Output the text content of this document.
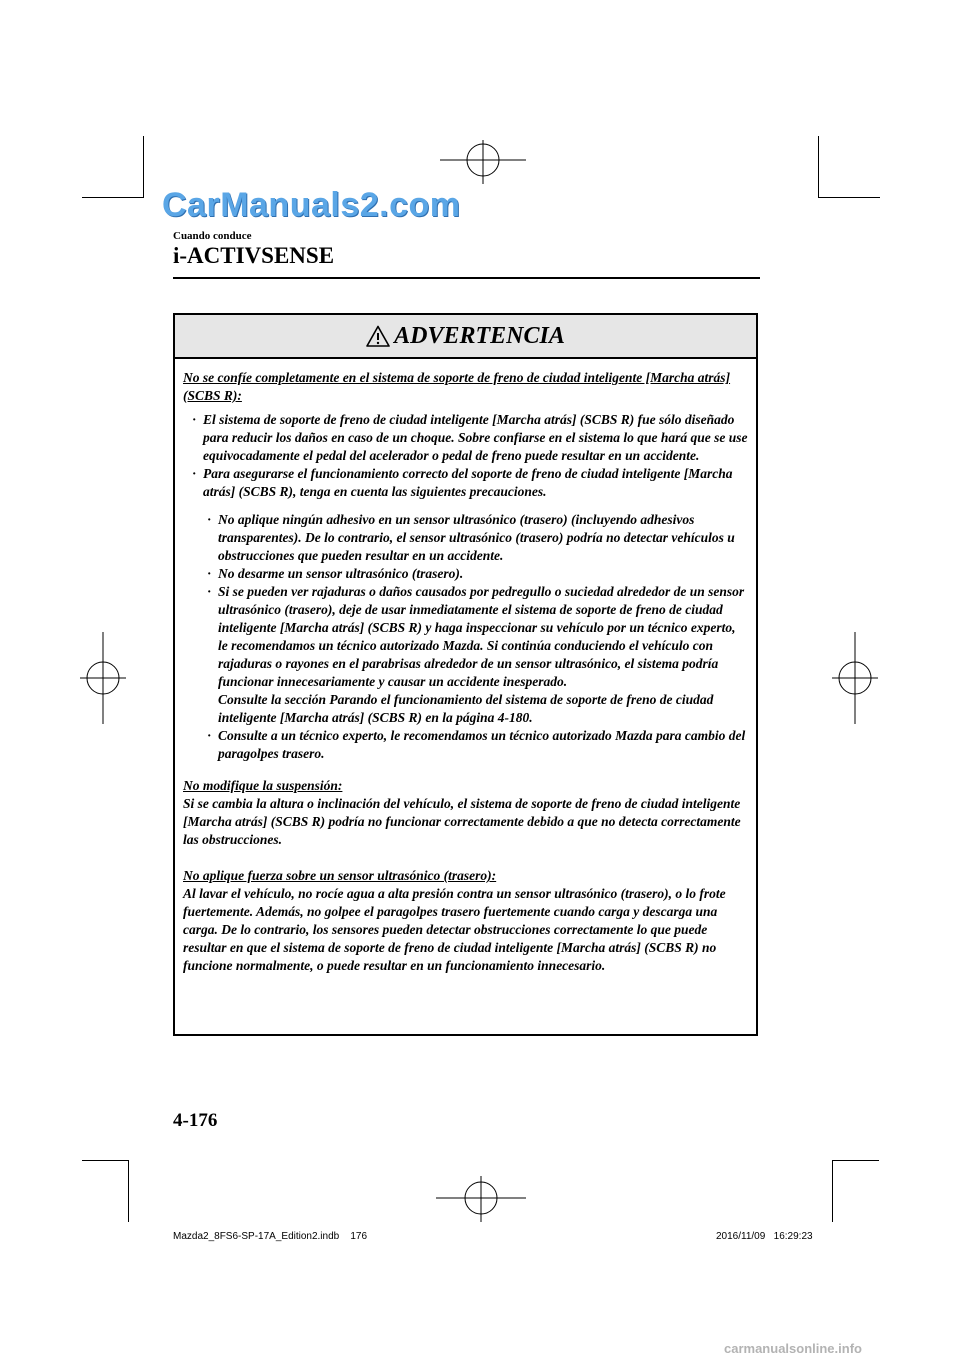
CarManuals2.com
Cuando conduce
i-ACTIVSENSE
ADVERTENCIA

No se confíe completamente en el sistema de soporte de freno de ciudad inteligente [Marcha atrás] (SCBS R):

· El sistema de soporte de freno de ciudad inteligente [Marcha atrás] (SCBS R) fue sólo diseñado para reducir los daños en caso de un choque. Sobre confiarse en el sistema lo que hará que se use equivocadamente el pedal del acelerador o pedal de freno puede resultar en un accidente.
· Para asegurarse el funcionamiento correcto del soporte de freno de ciudad inteligente [Marcha atrás] (SCBS R), tenga en cuenta las siguientes precauciones.
· No aplique ningún adhesivo en un sensor ultrasónico (trasero) (incluyendo adhesivos transparentes). De lo contrario, el sensor ultrasónico (trasero) podría no detectar vehículos u obstrucciones que pueden resultar en un accidente.
· No desarme un sensor ultrasónico (trasero).
· Si se pueden ver rajaduras o daños causados por pedregullo o suciedad alrededor de un sensor ultrasónico (trasero), deje de usar inmediatamente el sistema de soporte de freno de ciudad inteligente [Marcha atrás] (SCBS R) y haga inspeccionar su vehículo por un técnico experto, le recomendamos un técnico autorizado Mazda. Si continúa conduciendo el vehículo con rajaduras o rayones en el parabrisas alrededor de un sensor ultrasónico, el sistema podría funcionar innecesariamente y causar un accidente inesperado.
Consulte la sección Parando el funcionamiento del sistema de soporte de freno de ciudad inteligente [Marcha atrás] (SCBS R) en la página 4-180.
· Consulte a un técnico experto, le recomendamos un técnico autorizado Mazda para cambio del paragolpes trasero.

No modifique la suspensión:

Si se cambia la altura o inclinación del vehículo, el sistema de soporte de freno de ciudad inteligente [Marcha atrás] (SCBS R) podría no funcionar correctamente debido a que no detecta correctamente las obstrucciones.

No aplique fuerza sobre un sensor ultrasónico (trasero):

Al lavar el vehículo, no rocíe agua a alta presión contra un sensor ultrasónico (trasero), o lo frote fuertemente. Además, no golpee el paragolpes trasero fuertemente cuando carga y descarga una carga. De lo contrario, los sensores pueden detectar obstrucciones correctamente lo que puede resultar en que el sistema de soporte de freno de ciudad inteligente [Marcha atrás] (SCBS R) no funcione normalmente, o puede resultar en un funcionamiento innecesario.

4-176
Mazda2_8FS6-SP-17A_Edition2.indb    176	2016/11/09   16:29:23
carmanualsonline.info
